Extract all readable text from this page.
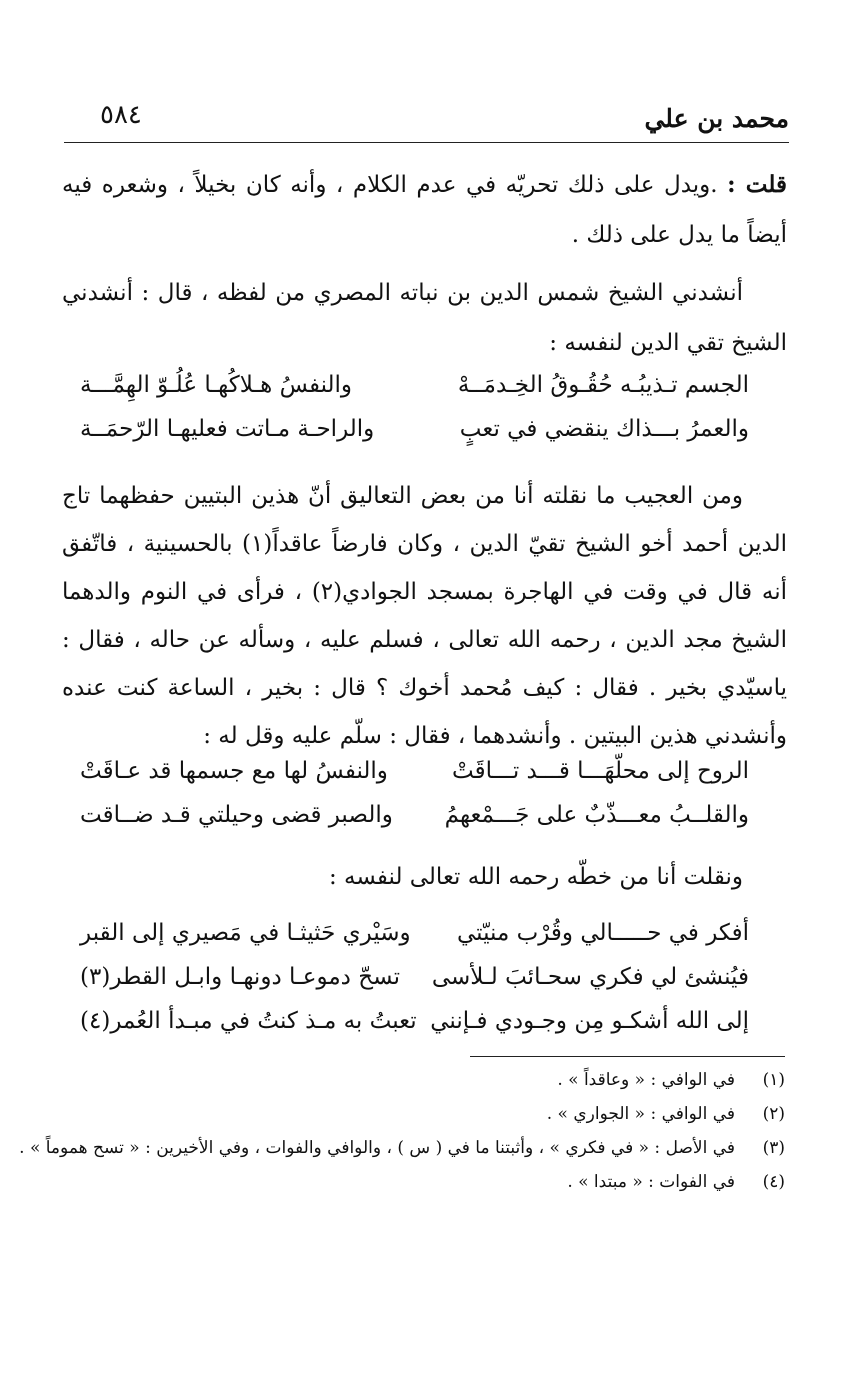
محمد بن علي
٥٨٤
قلت : .ويدل على ذلك تحريّه في عدم الكلام ، وأنه كان بخيلاً ، وشعره فيه أيضاً ما يدل على ذلك .
أنشدني الشيخ شمس الدين بن نباته المصري من لفظه ، قال : أنشدني الشيخ تقي الدين لنفسه :
الجسم تـذيبُـه حُقُـوقُ الخِـدمَــهْ
والنفسُ هـلاكُهـا عُلُـوّ الهِمَّـــة
والعمرُ بـــذاك ينقضي في تعبٍ
والراحـة مـاتت فعليهـا الرّحمَــة
ومن العجيب ما نقلته أنا من بعض التعاليق أنّ هذين البتيين حفظهما تاج الدين أحمد أخو الشيخ تقيّ الدين ، وكان فارضاً عاقداً(١) بالحسينية ، فاتّفق أنه قال في وقت في الهاجرة بمسجد الجوادي(٢) ، فرأى في النوم والدهما الشيخ مجد الدين ، رحمه الله تعالى ، فسلم عليه ، وسأله عن حاله ، فقال : ياسيّدي بخير . فقال : كيف مُحمد أخوك ؟ قال : بخير ، الساعة كنت عنده وأنشدني هذين البيتين . وأنشدهما ، فقال : سلّم عليه وقل له :
الروح إلى محلّهَـــا قـــد تـــاقَتْ
والنفسُ لها مع جسمها قد عـاقَتْ
والقلــبُ معـــذّبٌ على جَـــمْعهمُ
والصبر قضى وحيلتي قـد ضــاقت
ونقلت أنا من خطّه رحمه الله تعالى لنفسه :
أفكر في حـــــالي وقُرْب منيّتي
وسَيْري حَثيثـا في مَصيري إلى القبر
فيُنشئ لي فكري سحـائبَ لـلأسى
تسحّ دموعـا دونهـا وابـل القطر(٣)
إلى الله أشكـو مِن وجـودي فـإنني
تعبتُ به مـذ كنتُ في مبـدأ العُمر(٤)
(١)
في الوافي : « وعاقداً » .
(٢)
في الوافي : « الجواري » .
(٣)
في الأصل : « في فكري » ، وأثبتنا ما في ( س ) ، والوافي والفوات ، وفي الأخيرين : « تسح هموماً » .
(٤)
في الفوات : « مبتدا » .
